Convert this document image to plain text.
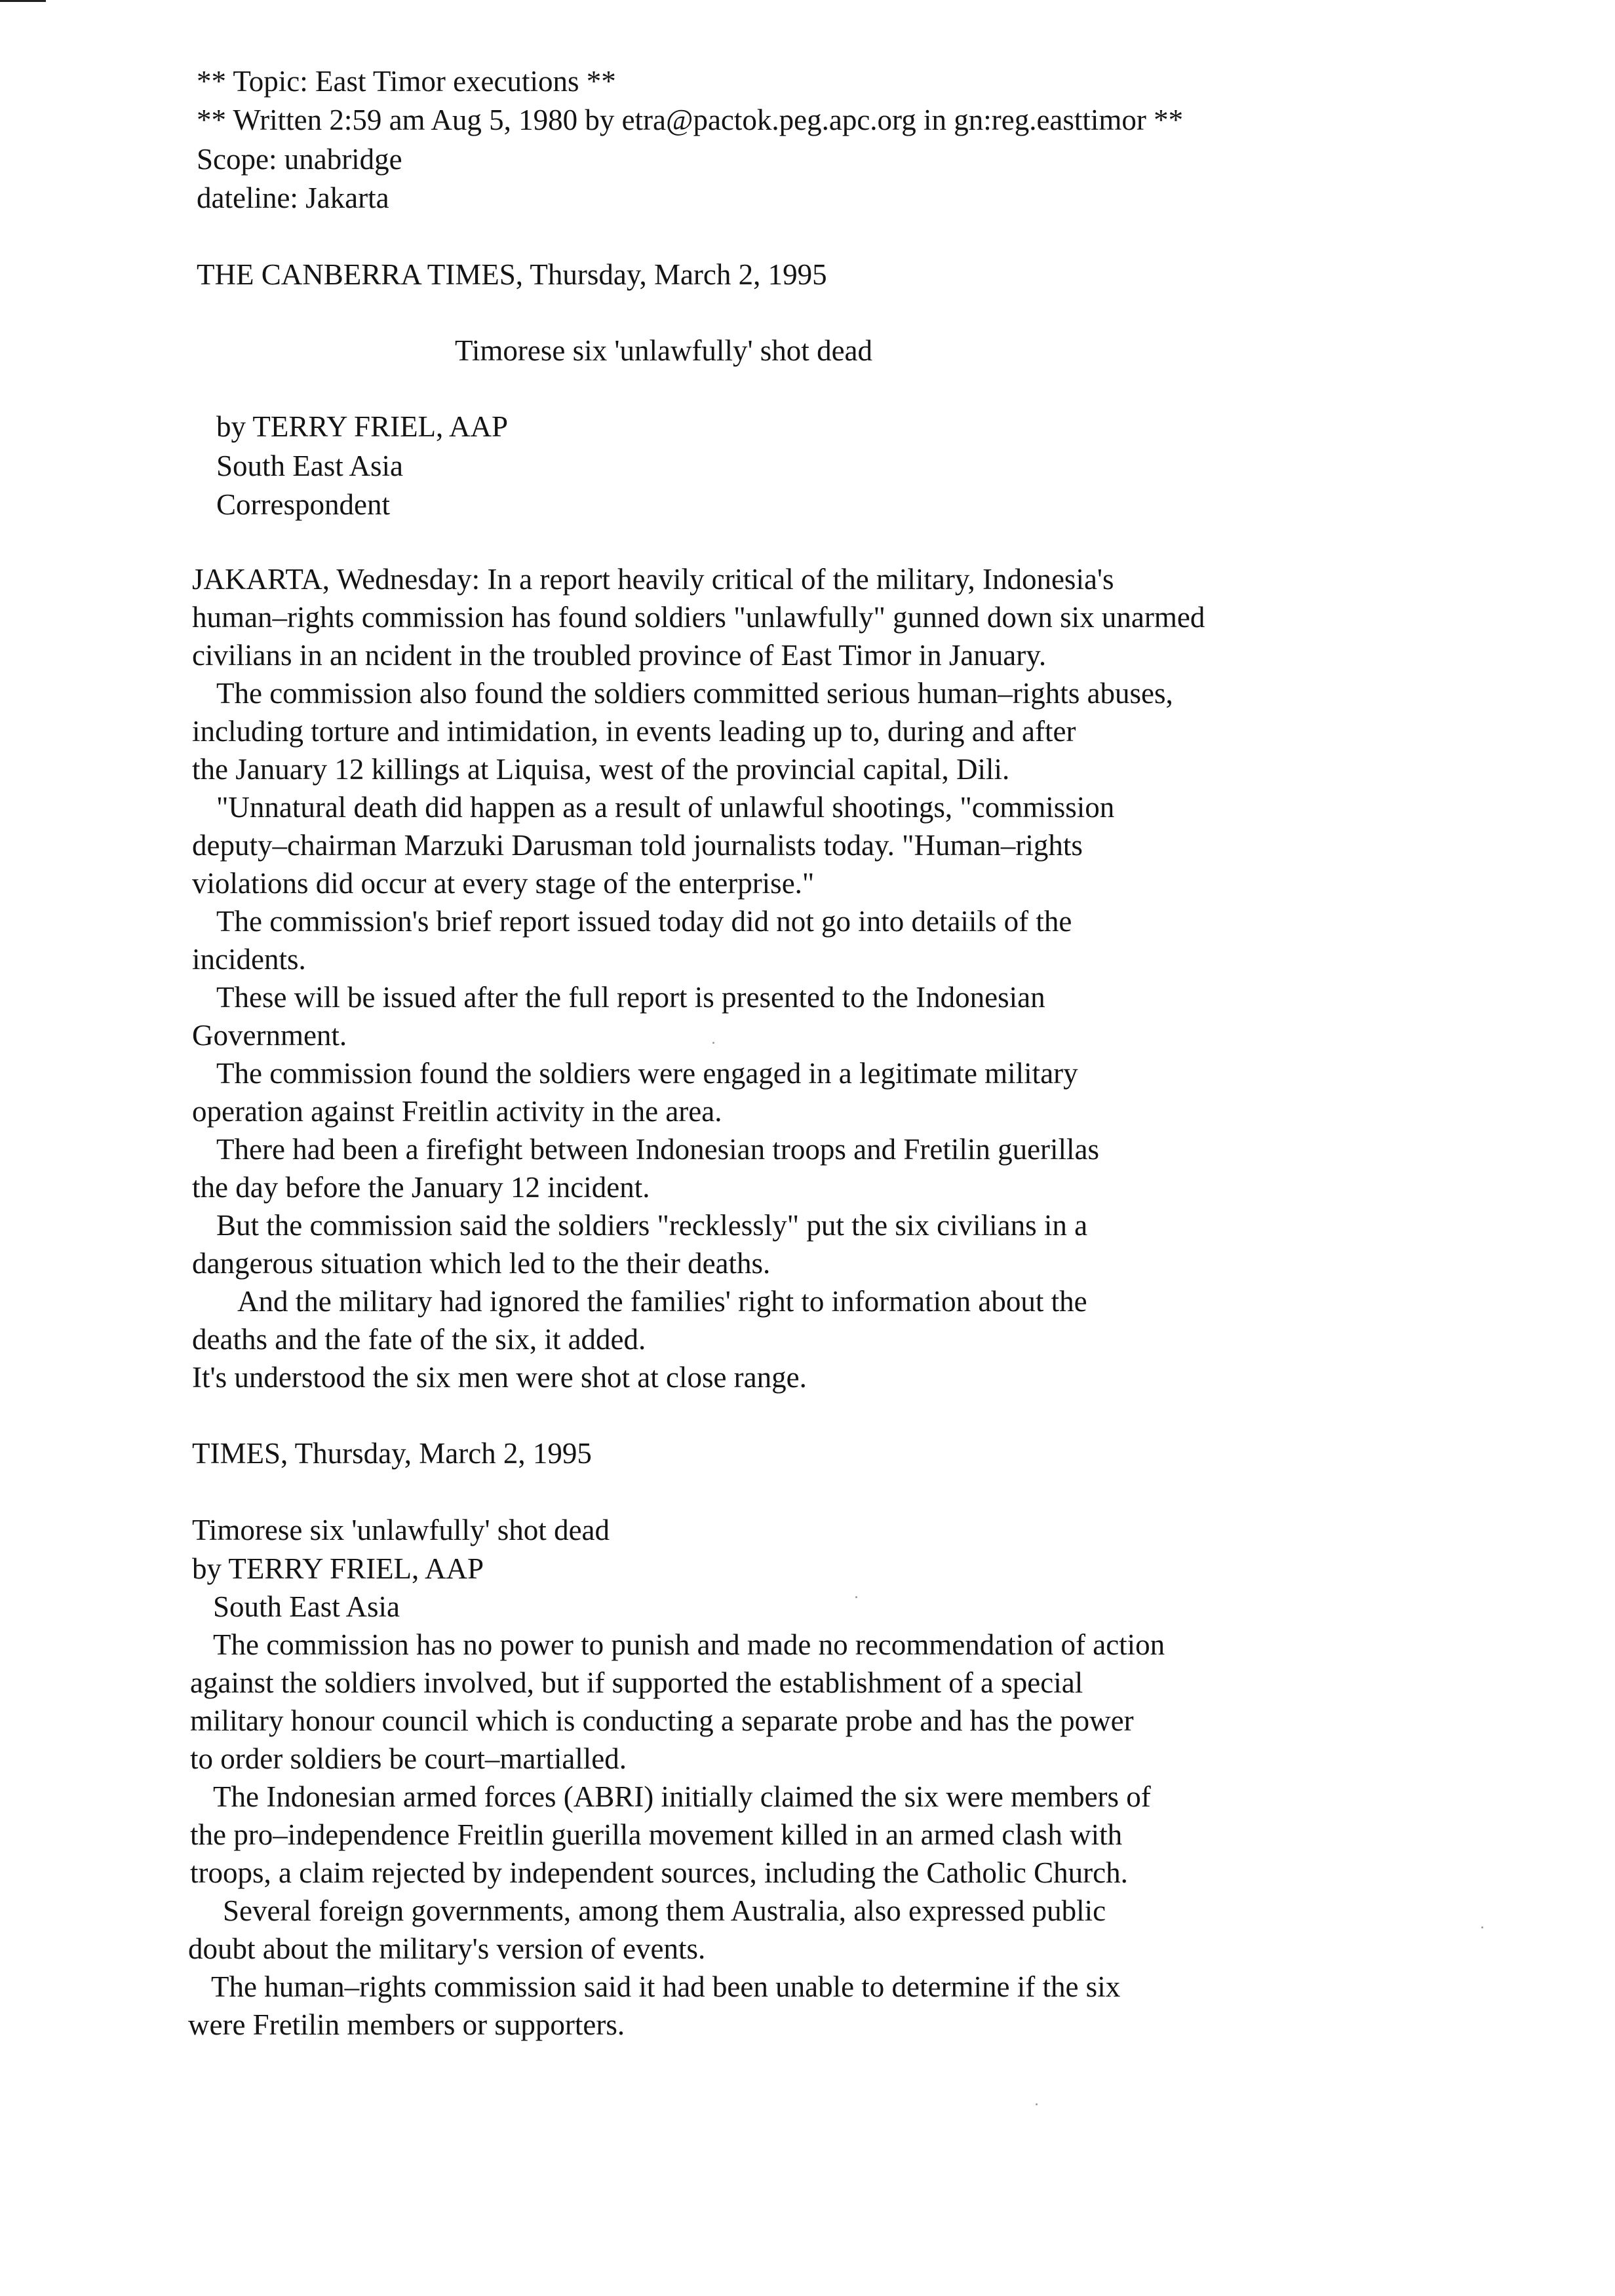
** Topic: East Timor executions **
** Written 2:59 am Aug 5, 1980 by etra@pactok.peg.apc.org in gn:reg.easttimor **
Scope: unabridge
dateline: Jakarta
THE CANBERRA TIMES, Thursday, March 2, 1995
Timorese six 'unlawfully' shot dead
by TERRY FRIEL, AAP
South East Asia
Correspondent
JAKARTA, Wednesday: In a report heavily critical of the military, Indonesia's
human–rights commission has found soldiers "unlawfully" gunned down six unarmed
civilians in an ncident in the troubled province of East Timor in January.
The commission also found the soldiers committed serious human–rights abuses,
including torture and intimidation, in events leading up to, during and after
the January 12 killings at Liquisa, west of the provincial capital, Dili.
"Unnatural death did happen as a result of unlawful shootings, "commission
deputy–chairman Marzuki Darusman told journalists today. "Human–rights
violations did occur at every stage of the enterprise."
The commission's brief report issued today did not go into detaiils of the
incidents.
These will be issued after the full report is presented to the Indonesian
Government.
The commission found the soldiers were engaged in a legitimate military
operation against Freitlin activity in the area.
There had been a firefight between Indonesian troops and Fretilin guerillas
the day before the January 12 incident.
But the commission said the soldiers "recklessly" put the six civilians in a
dangerous situation which led to the their deaths.
And the military had ignored the families' right to information about the
deaths and the fate of the six, it added.
It's understood the six men were shot at close range.
TIMES, Thursday, March 2, 1995
Timorese six 'unlawfully' shot dead
by TERRY FRIEL, AAP
South East Asia
The commission has no power to punish and made no recommendation of action
against the soldiers involved, but if supported the establishment of a special
military honour council which is conducting a separate probe and has the power
to order soldiers be court–martialled.
The Indonesian armed forces (ABRI) initially claimed the six were members of
the pro–independence Freitlin guerilla movement killed in an armed clash with
troops, a claim rejected by independent sources, including the Catholic Church.
Several foreign governments, among them Australia, also expressed public
doubt about the military's version of events.
The human–rights commission said it had been unable to determine if the six
were Fretilin members or supporters.
